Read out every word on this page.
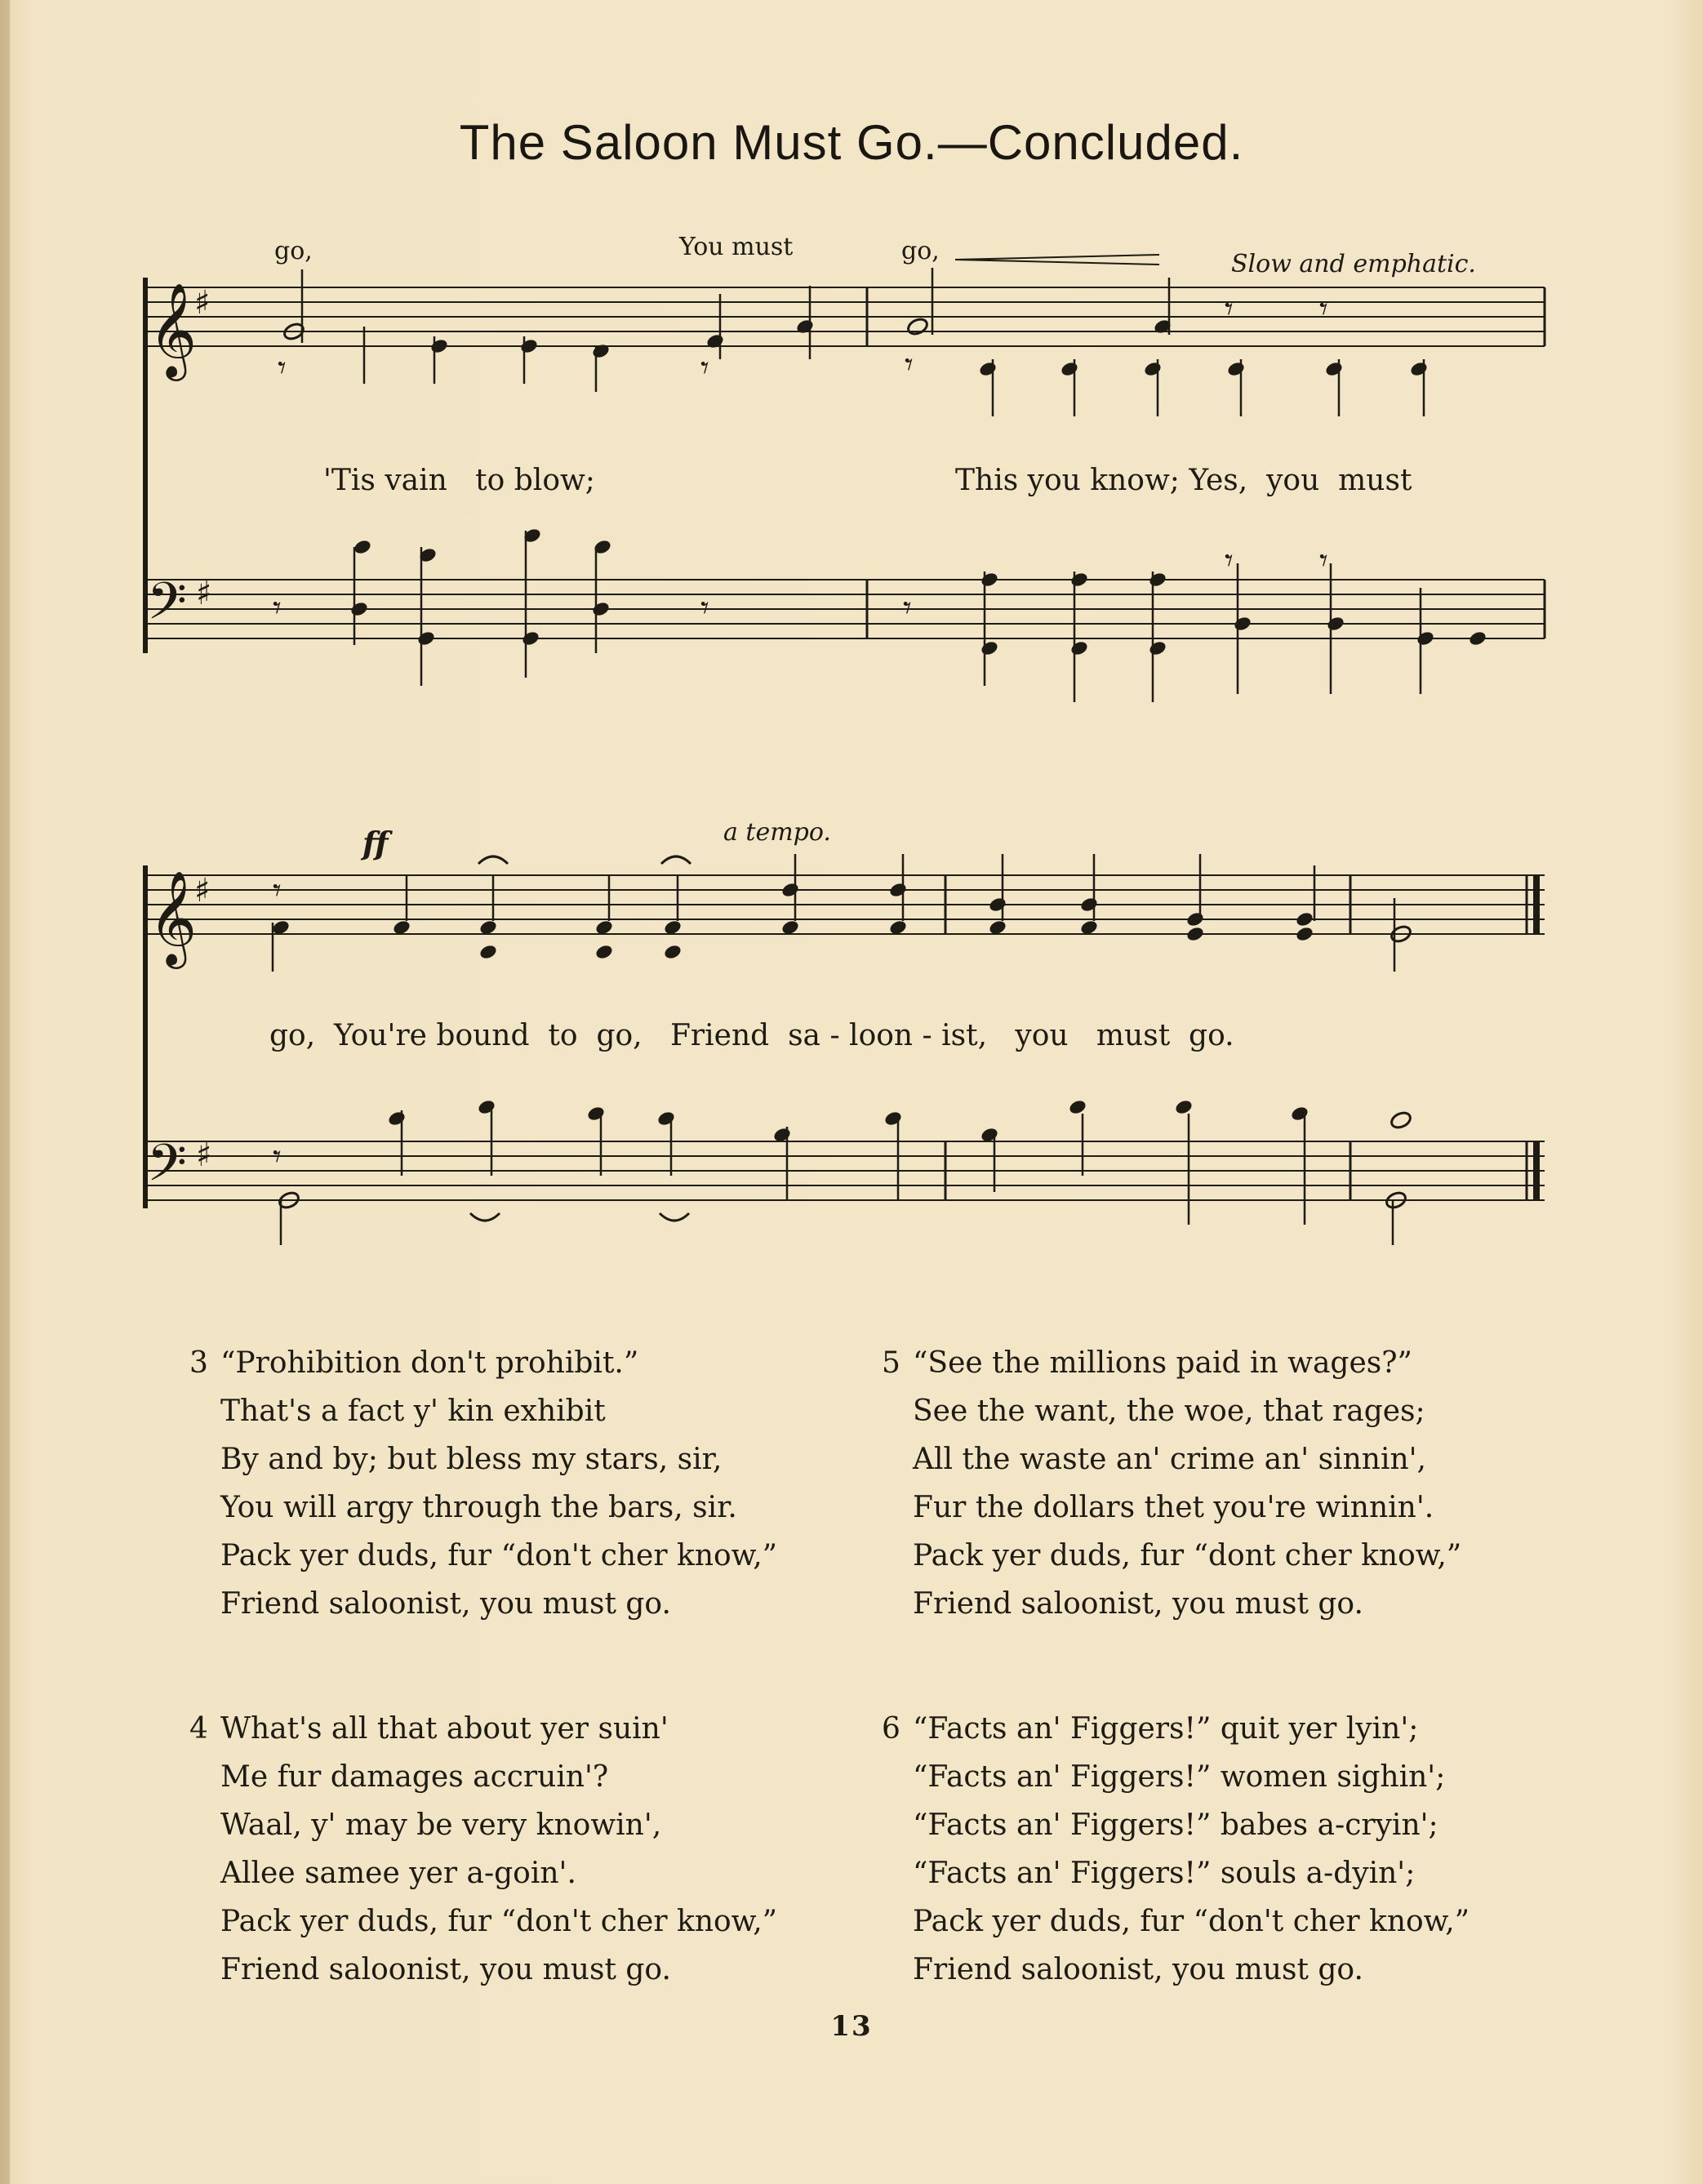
The Saloon Must Go.—Concluded.
go,	You must	go,	Slow and emphatic.
'Tis vain   to blow;	This you know; Yes,  you  must
𝄞
♯
𝄢 ♯
𝄾	𝄾	𝄾
𝄾	𝄾
𝄾	𝄾	𝄾
𝄾	𝄾
ff	a tempo.
go,  You're bound  to  go,   Friend  sa - loon - ist,   you   must  go.
𝄞
♯
𝄢 ♯
𝄾
𝄾
3 “Prohibition don't prohibit.”
That's a fact y' kin exhibit
By and by; but bless my stars, sir,
You will argy through the bars, sir.
Pack yer duds, fur “don't cher know,”
Friend saloonist, you must go.
5 “See the millions paid in wages?”
See the want, the woe, that rages;
All the waste an' crime an' sinnin',
Fur the dollars thet you're winnin'.
Pack yer duds, fur “dont cher know,”
Friend saloonist, you must go.
4 What's all that about yer suin'
Me fur damages accruin'?
Waal, y' may be very knowin',
Allee samee yer a-goin'.
Pack yer duds, fur “don't cher know,”
Friend saloonist, you must go.
6 “Facts an' Figgers!” quit yer lyin';
“Facts an' Figgers!” women sighin';
“Facts an' Figgers!” babes a-cryin';
“Facts an' Figgers!” souls a-dyin';
Pack yer duds, fur “don't cher know,”
Friend saloonist, you must go.
13
